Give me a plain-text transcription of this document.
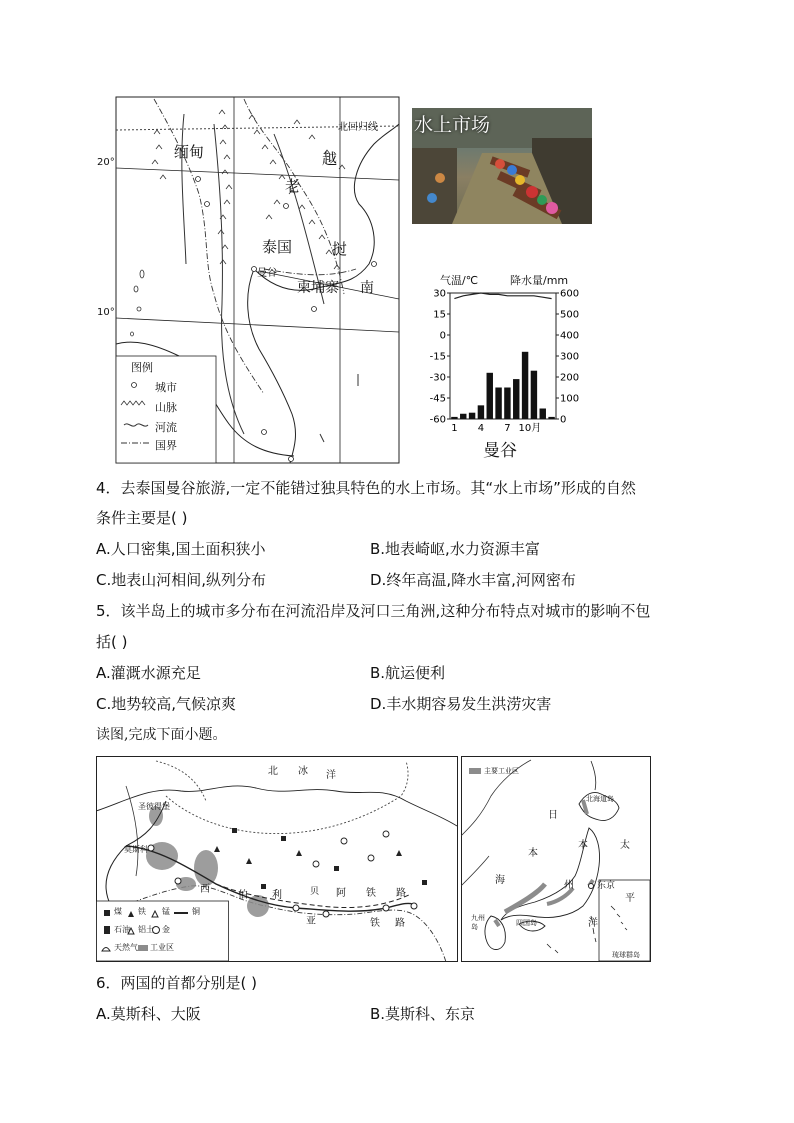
北回归线
20°
10°
缅甸	越
老
泰国	挝
柬埔寨 南
曼谷
图例
城市
山脉
河流
国界
水上市场
气温/℃	降水量/mm
30
15
0
-15
-30
-45
-60
600
500
400
300
200
100
0
1 4 7 10月
曼谷
4．去泰国曼谷旅游,一定不能错过独具特色的水上市场。其“水上市场”形成的自然
条件主要是( )
A.人口密集,国土面积狭小	B.地表崎岖,水力资源丰富
C.地表山河相间,纵列分布	D.终年高温,降水丰富,河网密布
5．该半岛上的城市多分布在河流沿岸及河口三角洲,这种分布特点对城市的影响不包
括( )
A.灌溉水源充足	B.航运便利
C.地势较高,气候凉爽	D.丰水期容易发生洪涝灾害
读图,完成下面小题。
北 冰 洋
圣彼得堡
莫斯科
西
伯 利
亚	铁 路
贝 阿 铁 路
煤 铁 锰	铜
石油 铝土 金
天然气 工业区
主要工业区
北海道岛
日
本
海
本
州	东京
太
平
洋
四国岛
九州岛
琉球群岛
6．两国的首都分别是( )
A.莫斯科、大阪	B.莫斯科、东京
